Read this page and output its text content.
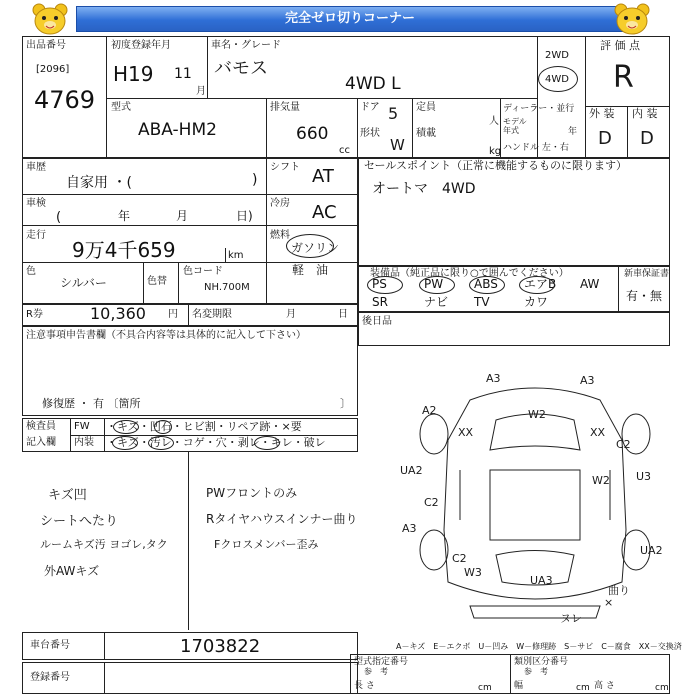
完全ゼロ切りコーナー
出品番号
[2096]
4769
初度登録年月
H19 11
月
車名・グレード
バモス
4WD L
2WD
4WD
評 価 点
R
型式
ABA-HM2
排気量
660
cc
ドア 5
形状
W
定員
人
積載
kg
ディーラー・並行
モデル
年式	年
ハンドル 左・右
外 装 内 装
D D
車歴
自家用 ・(	)
シフト AT
車検
(	年	月	日)
冷房 AC
走行
9万4千659	km
燃料
ガソリン
軽　油
色
シルバー	色替
色コード
NH.700M
R券	10,360 円 名変期限	月	日
注意事項申告書欄（不具合内容等は具体的に記入して下さい）
修復歴 ・ 有 〔箇所	〕
セールスポイント（正常に機能するものに限ります）
オートマ　4WD
装備品（純正品に限り○で囲んでください）	新車保証書
有・無
PS	PW	ABS エアB AW
SR	ナビ TV	カワ
後日品
検査員
記入欄
FW
内装
・キズ・凹石・ヒビ割・リペア跡・×要
・キズ・汚レ・コゲ・穴・剥レ・キレ・破レ
キズ凹
シートへたり
ルームキズ汚 ヨゴレ,タク
外AWキズ
PWフロントのみ
Rタイヤハウスインナー曲り
Fクロスメンバー歪み
A3	A3
A2	W2
XX	XX
C2
UA2
W2 U3
C2
A3
C2
W3
UA3
UA2
曲り
ヌレ
×
車台番号	1703822
登録番号
A－キズ　E－エクボ　U－凹み　W－修理跡　S－サビ　C－腐食　XX－交換済
型式指定番号
参　考
類別区分番号
参　考
長 さ	cm 幅	cm 高 さ	cm
